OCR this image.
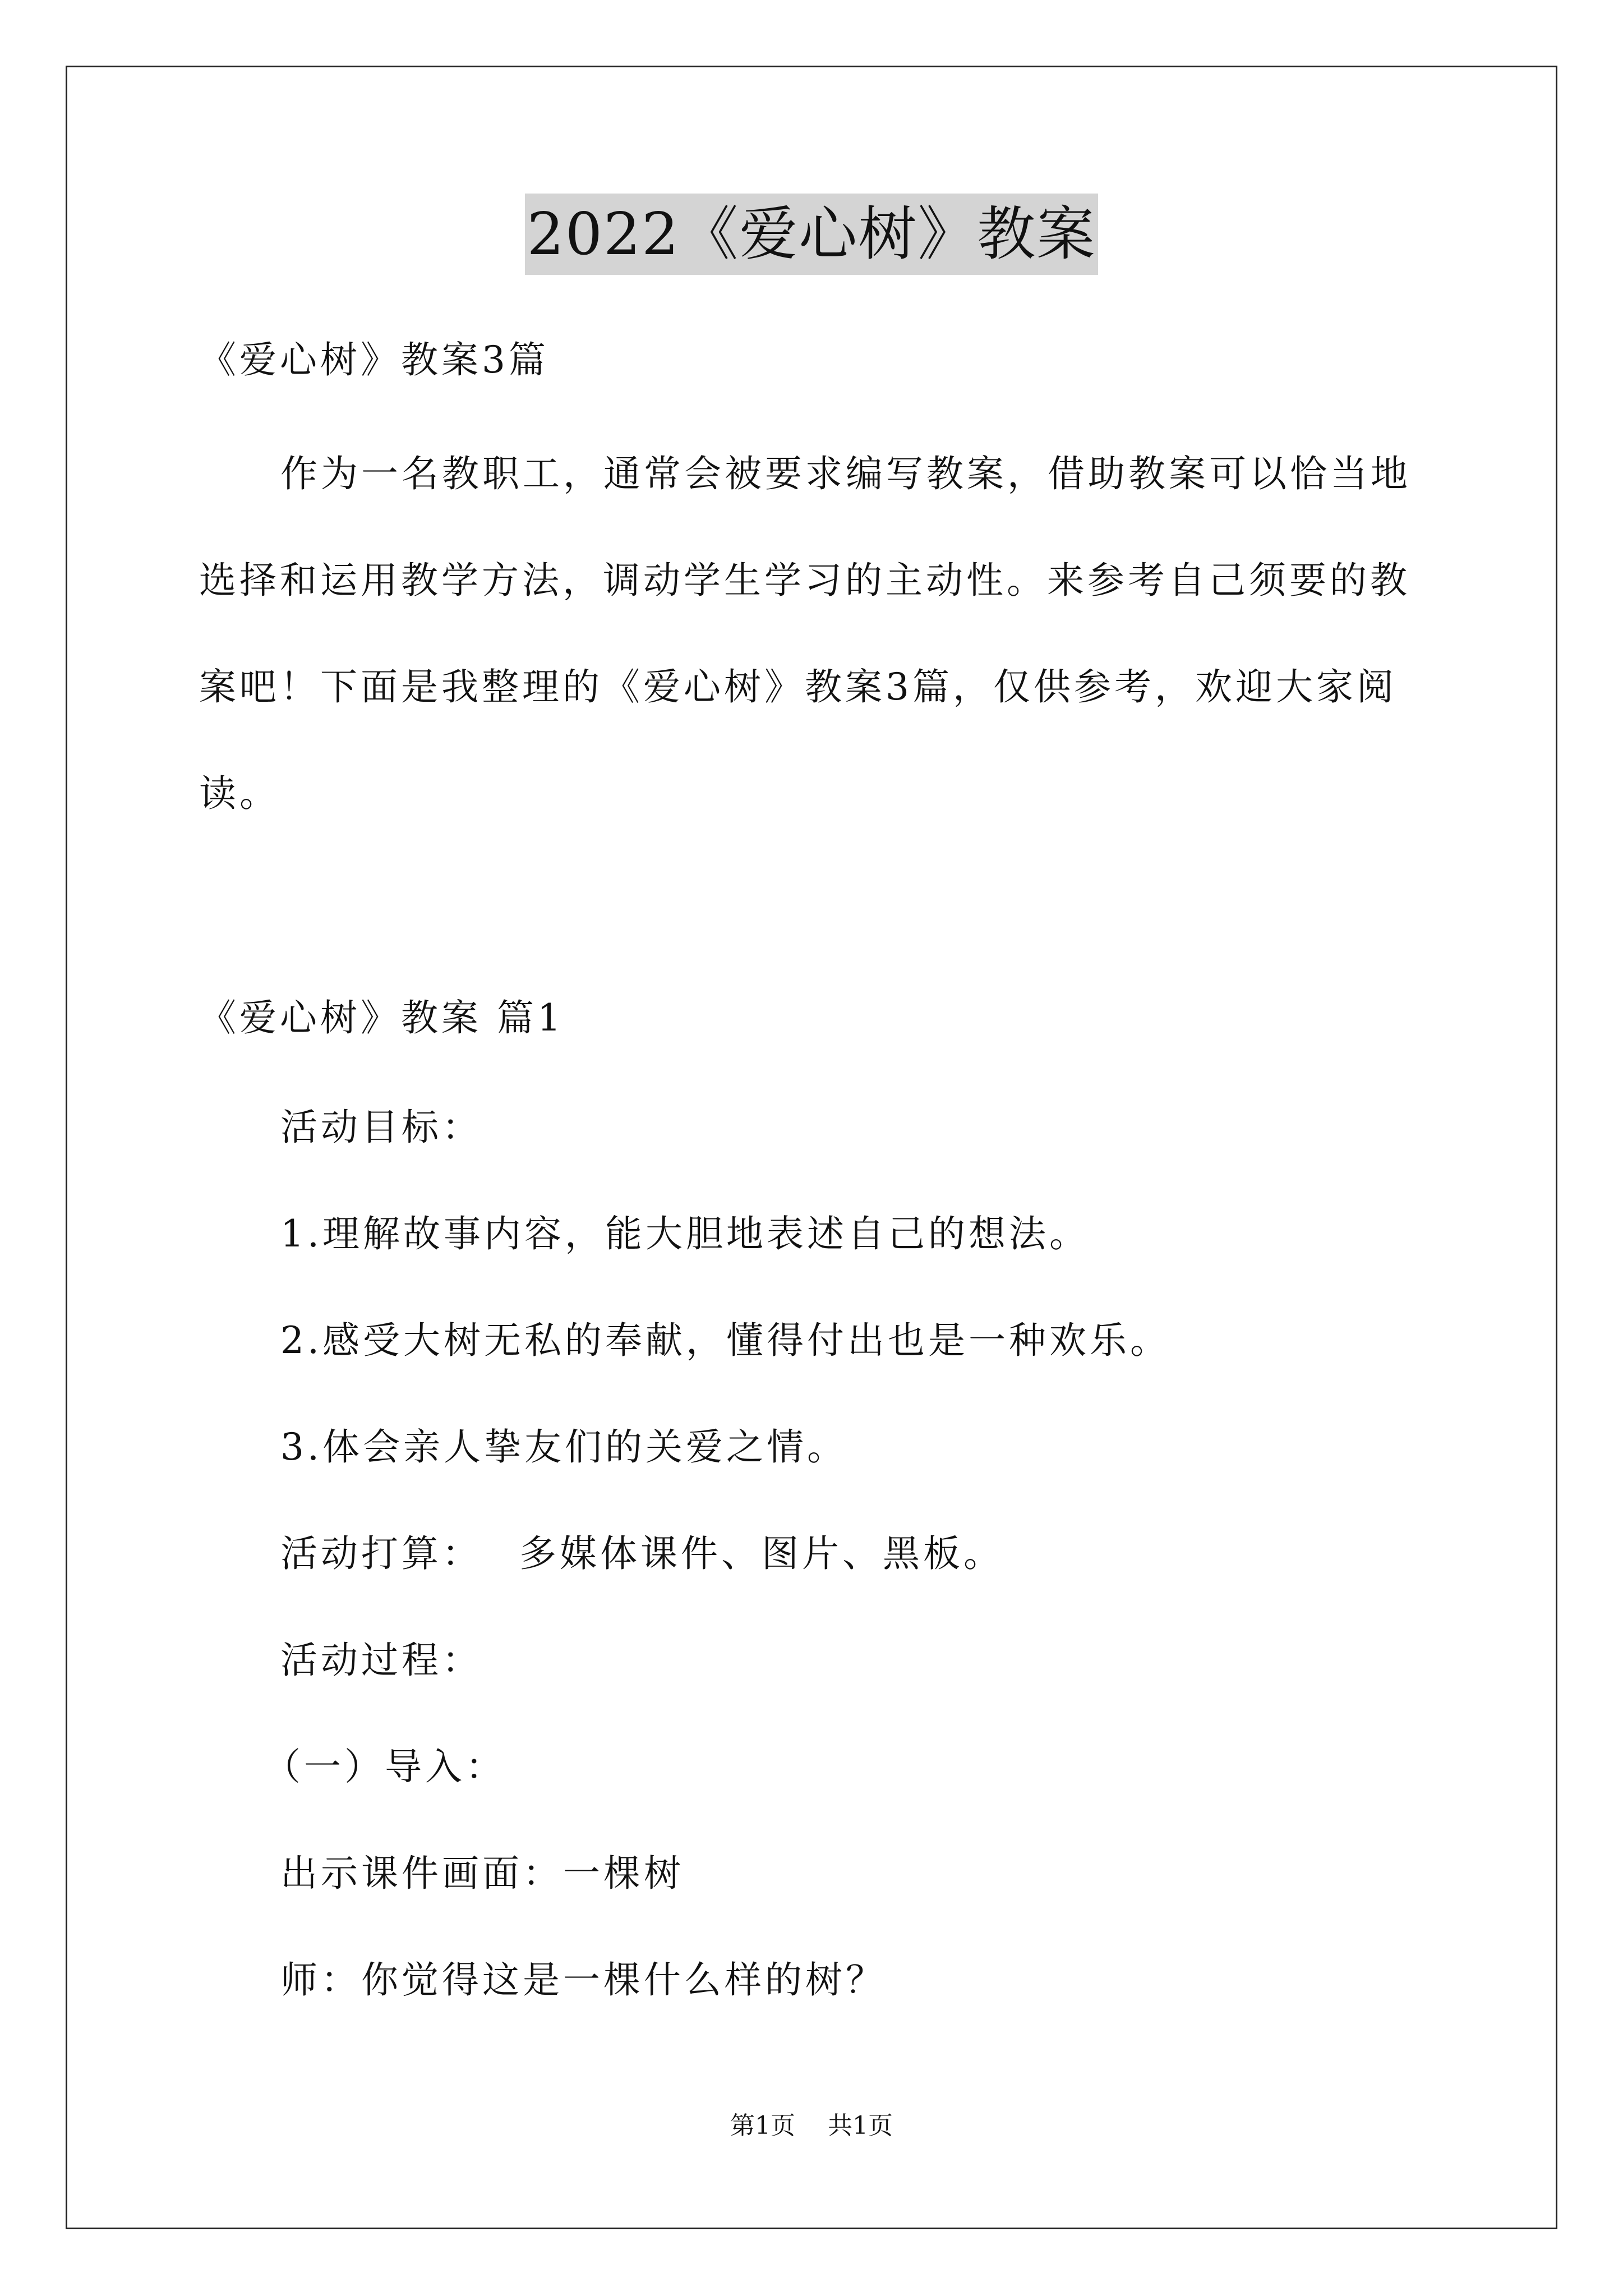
2022《爱心树》教案
《爱心树》教案3篇
作为一名教职工，通常会被要求编写教案，借助教案可以恰当地
选择和运用教学方法，调动学生学习的主动性。来参考自己须要的教
案吧！下面是我整理的《爱心树》教案3篇，仅供参考，欢迎大家阅
读。
《爱心树》教案 篇1
活动目标：
1.理解故事内容，能大胆地表述自己的想法。
2.感受大树无私的奉献，懂得付出也是一种欢乐。
3.体会亲人挚友们的关爱之情。
活动打算：　 多媒体课件、图片、黑板。
活动过程：
（一）导入：
出示课件画面：一棵树
师：你觉得这是一棵什么样的树？
第1页 共1页
